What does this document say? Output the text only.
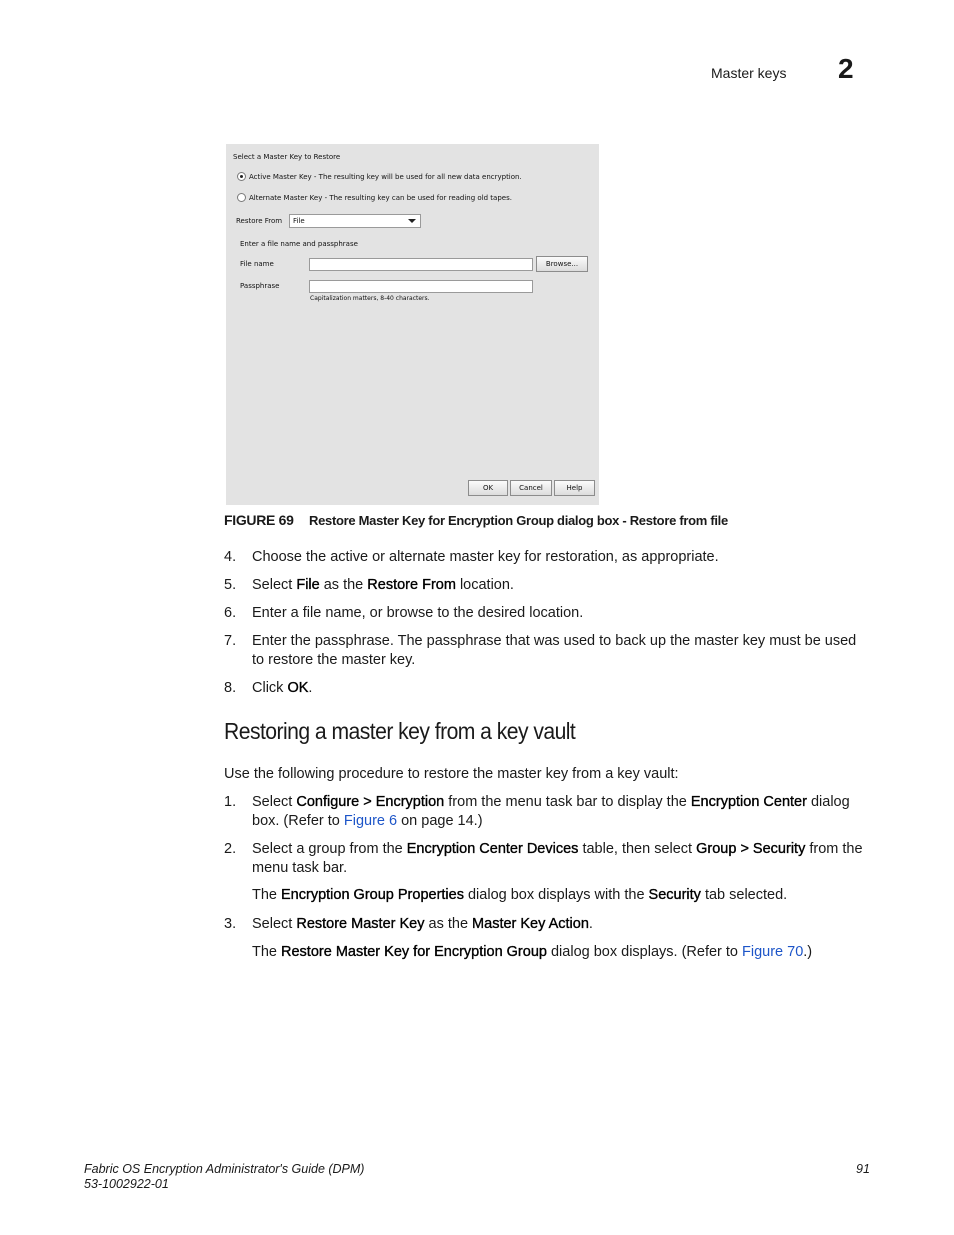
Master keys 2
Select a Master Key to Restore
Active Master Key - The resulting key will be used for all new data encryption.
Alternate Master Key - The resulting key can be used for reading old tapes.
Restore From File
Enter a file name and passphrase
File name	Browse...
Passphrase
Capitalization matters, 8-40 characters.
OK	Cancel	Help
FIGURE 69 Restore Master Key for Encryption Group dialog box - Restore from file
4. Choose the active or alternate master key for restoration, as appropriate.
5. Select File as the Restore From location.
6. Enter a file name, or browse to the desired location.
7. Enter the passphrase. The passphrase that was used to back up the master key must be used to restore the master key.
8. Click OK.
Restoring a master key from a key vault
Use the following procedure to restore the master key from a key vault:
1. Select Configure > Encryption from the menu task bar to display the Encryption Center dialog box. (Refer to Figure 6 on page 14.)
2. Select a group from the Encryption Center Devices table, then select Group > Security from the menu task bar.
The Encryption Group Properties dialog box displays with the Security tab selected.
3. Select Restore Master Key as the Master Key Action.
The Restore Master Key for Encryption Group dialog box displays. (Refer to Figure 70.)
Fabric OS Encryption Administrator's Guide (DPM)
53-1002922-01
91
